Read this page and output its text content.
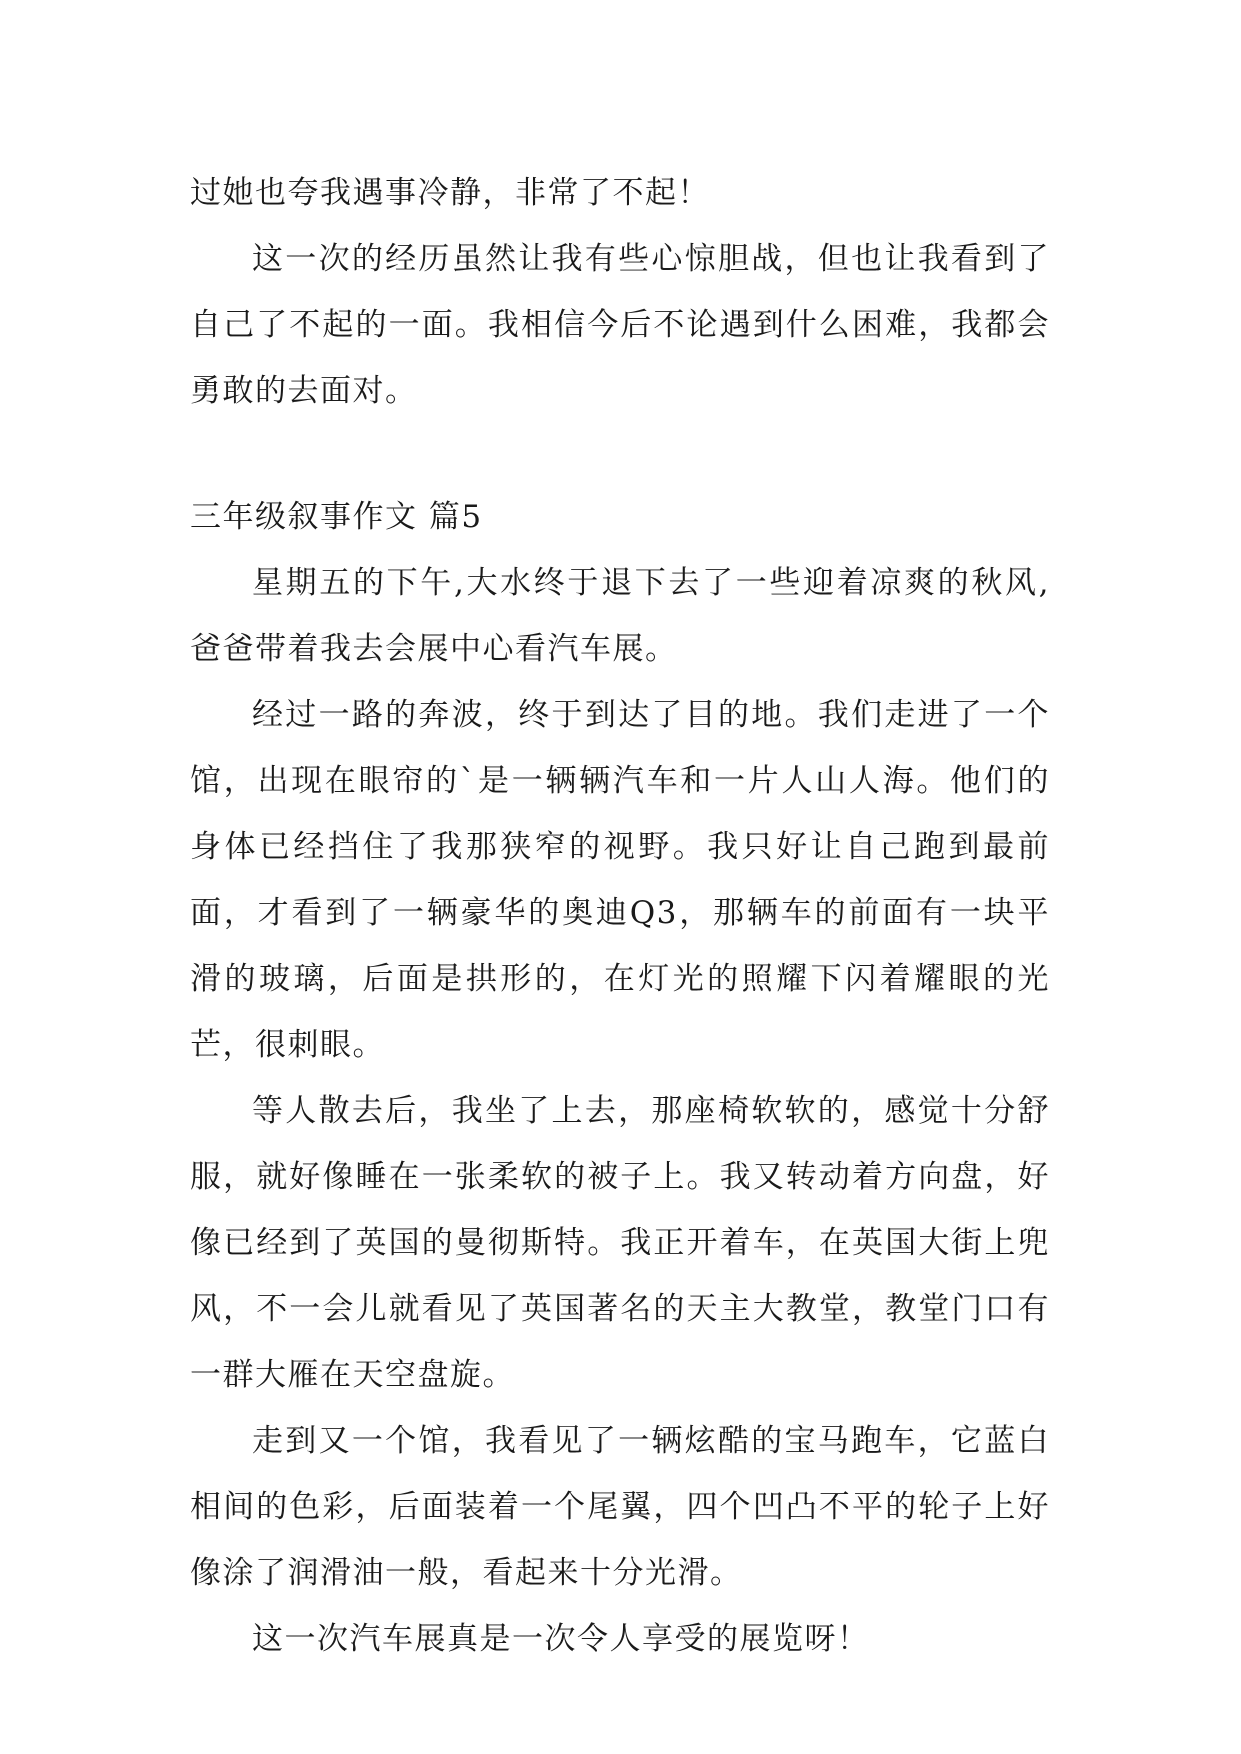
过她也夸我遇事冷静，非常了不起！

这一次的经历虽然让我有些心惊胆战，但也让我看到了自己了不起的一面。我相信今后不论遇到什么困难，我都会勇敢的去面对。

三年级叙事作文 篇5

星期五的下午,大水终于退下去了一些迎着凉爽的秋风,爸爸带着我去会展中心看汽车展。

经过一路的奔波，终于到达了目的地。我们走进了一个馆，出现在眼帘的`是一辆辆汽车和一片人山人海。他们的身体已经挡住了我那狭窄的视野。我只好让自己跑到最前面，才看到了一辆豪华的奥迪Q3，那辆车的前面有一块平滑的玻璃，后面是拱形的，在灯光的照耀下闪着耀眼的光芒，很刺眼。

等人散去后，我坐了上去，那座椅软软的，感觉十分舒服，就好像睡在一张柔软的被子上。我又转动着方向盘，好像已经到了英国的曼彻斯特。我正开着车，在英国大街上兜风，不一会儿就看见了英国著名的天主大教堂，教堂门口有一群大雁在天空盘旋。

走到又一个馆，我看见了一辆炫酷的宝马跑车，它蓝白相间的色彩，后面装着一个尾翼，四个凹凸不平的轮子上好像涂了润滑油一般，看起来十分光滑。

这一次汽车展真是一次令人享受的展览呀！
